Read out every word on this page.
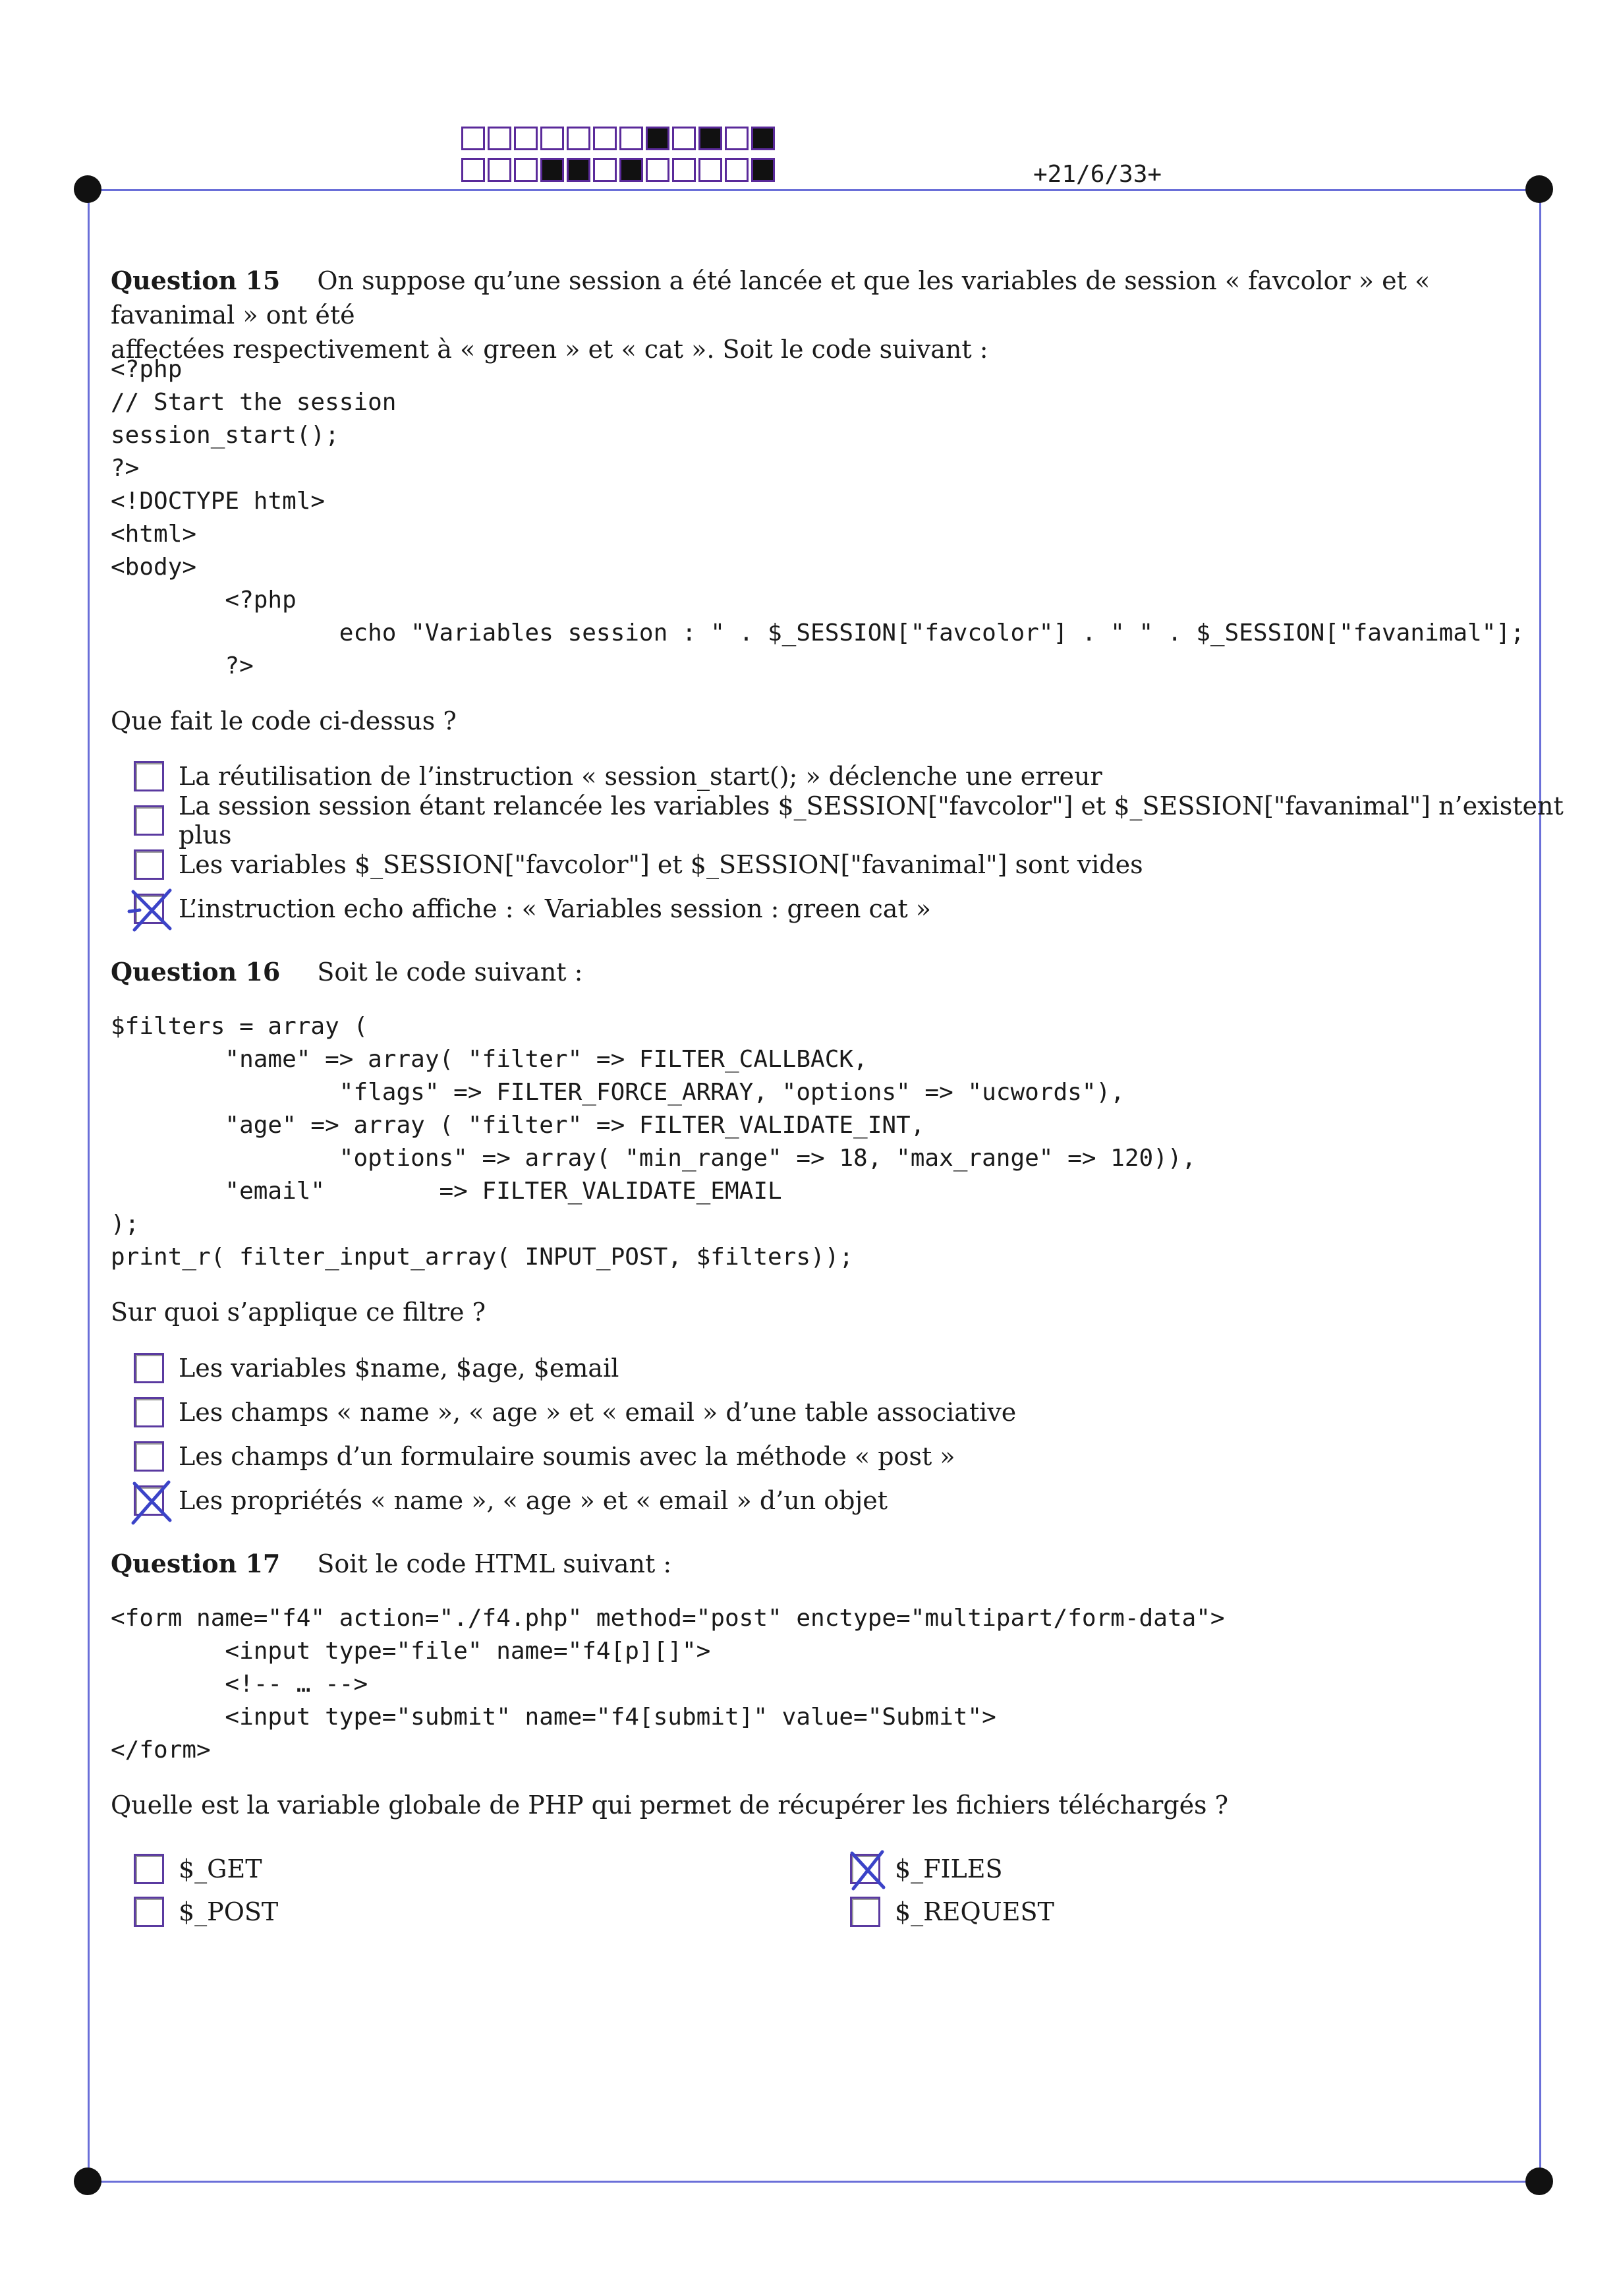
+21/6/33+
Question 15 On suppose qu’une session a été lancée et que les variables de session « favcolor » et « favanimal » ont été
affectées respectivement à « green » et « cat ». Soit le code suivant :
<?php
// Start the session
session_start();
?>
<!DOCTYPE html>
<html>
<body>
<?php
echo "Variables session : " . $_SESSION["favcolor"] . " " . $_SESSION["favanimal"];
?>
Que fait le code ci-dessus ?
La réutilisation de l’instruction « session_start(); » déclenche une erreur
La session session étant relancée les variables $_SESSION["favcolor"] et $_SESSION["favanimal"] n’existent plus
Les variables $_SESSION["favcolor"] et $_SESSION["favanimal"] sont vides
L’instruction echo affiche : « Variables session : green cat »
Question 16 Soit le code suivant :
$filters = array (
"name" => array( "filter" => FILTER_CALLBACK,
"flags" => FILTER_FORCE_ARRAY, "options" => "ucwords"),
"age" => array ( "filter" => FILTER_VALIDATE_INT,
"options" => array( "min_range" => 18, "max_range" => 120)),
"email"        => FILTER_VALIDATE_EMAIL
);
print_r( filter_input_array( INPUT_POST, $filters));
Sur quoi s’applique ce filtre ?
Les variables $name, $age, $email
Les champs « name », « age » et « email » d’une table associative
Les champs d’un formulaire soumis avec la méthode « post »
Les propriétés « name », « age » et « email » d’un objet
Question 17 Soit le code HTML suivant :
<form name="f4" action="./f4.php" method="post" enctype="multipart/form-data">
<input type="file" name="f4[p][]">
<!-- … -->
<input type="submit" name="f4[submit]" value="Submit">
</form>
Quelle est la variable globale de PHP qui permet de récupérer les fichiers téléchargés ?
$_GET
$_POST
$_FILES
$_REQUEST
